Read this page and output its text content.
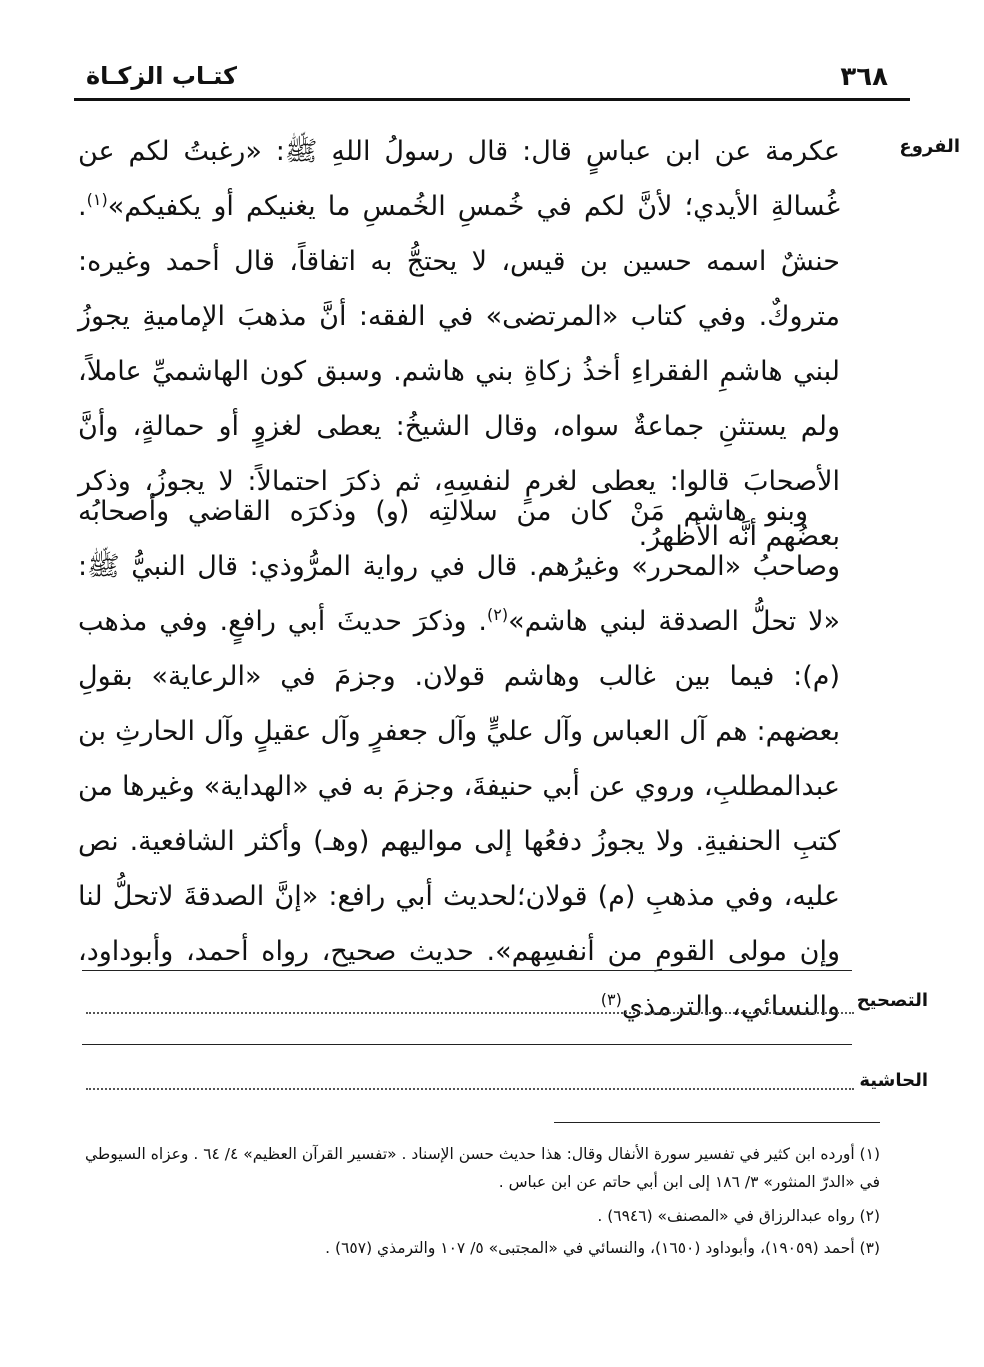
٣٦٨
كتـاب الزكـاة
الفروع
عكرمة عن ابن عباسٍ قال: قال رسولُ اللهِ ﷺ: «رغبتُ لكم عن غُسالةِ الأيدي؛ لأنَّ لكم في خُمسِ الخُمسِ ما يغنيكم أو يكفيكم»$^{(١)}$. حنشٌ اسمه حسين بن قيس، لا يحتجُّ به اتفاقاً، قال أحمد وغيره: متروكٌ. وفي كتاب «المرتضى» في الفقه: أنَّ مذهبَ الإماميةِ يجوزُ لبني هاشمِ الفقراءِ أخذُ زكاةِ بني هاشم. وسبق كون الهاشميِّ عاملاً، ولم يستثنِ جماعةٌ سواه، وقال الشيخُ: يعطى لغزوٍ أو حمالةٍ، وأنَّ الأصحابَ قالوا: يعطى لغرمٍ لنفسِهِ، ثم ذكرَ احتمالاً: لا يجوزُ، وذكر بعضُهم أنَّه الأظهرُ.
وبنو هاشم مَنْ كان من سلالتِه (و) وذكرَه القاضي وأصحابُه وصاحبُ «المحرر» وغيرُهم. قال في رواية المرُّوذي: قال النبيُّ ﷺ: «لا تحلُّ الصدقة لبني هاشم»$^{(٢)}$. وذكرَ حديثَ أبي رافعٍ. وفي مذهب (م): فيما بين غالب وهاشم قولان. وجزمَ في «الرعاية» بقولِ بعضهم: هم آل العباس وآل عليٍّ وآل جعفرٍ وآل عقيلٍ وآل الحارثِ بن عبدالمطلبِ، وروي عن أبي حنيفةَ، وجزمَ به في «الهداية» وغيرها من كتبِ الحنفيةِ. ولا يجوزُ دفعُها إلى مواليهم (وهـ) وأكثر الشافعية. نص عليه، وفي مذهبِ (م) قولان؛لحديث أبي رافع: «إنَّ الصدقةَ لاتحلُّ لنا وإن مولى القومِ من أنفسِهم». حديث صحيح، رواه أحمد، وأبوداود، والنسائي، والترمذي$^{(٣)}$	التصحيح
الحاشية
(١) أورده ابن كثير في تفسير سورة الأنفال وقال: هذا حديث حسن الإسناد . «تفسير القرآن العظيم» ٤/ ٦٤ . وعزاه السيوطي في «الدرّ المنثور» ٣/ ١٨٦ إلى ابن أبي حاتم عن ابن عباس .
(٢) رواه عبدالرزاق في «المصنف» (٦٩٤٦) .
(٣) أحمد (١٩٠٥٩)، وأبوداود (١٦٥٠)، والنسائي في «المجتبى» ٥/ ١٠٧ والترمذي (٦٥٧) .
